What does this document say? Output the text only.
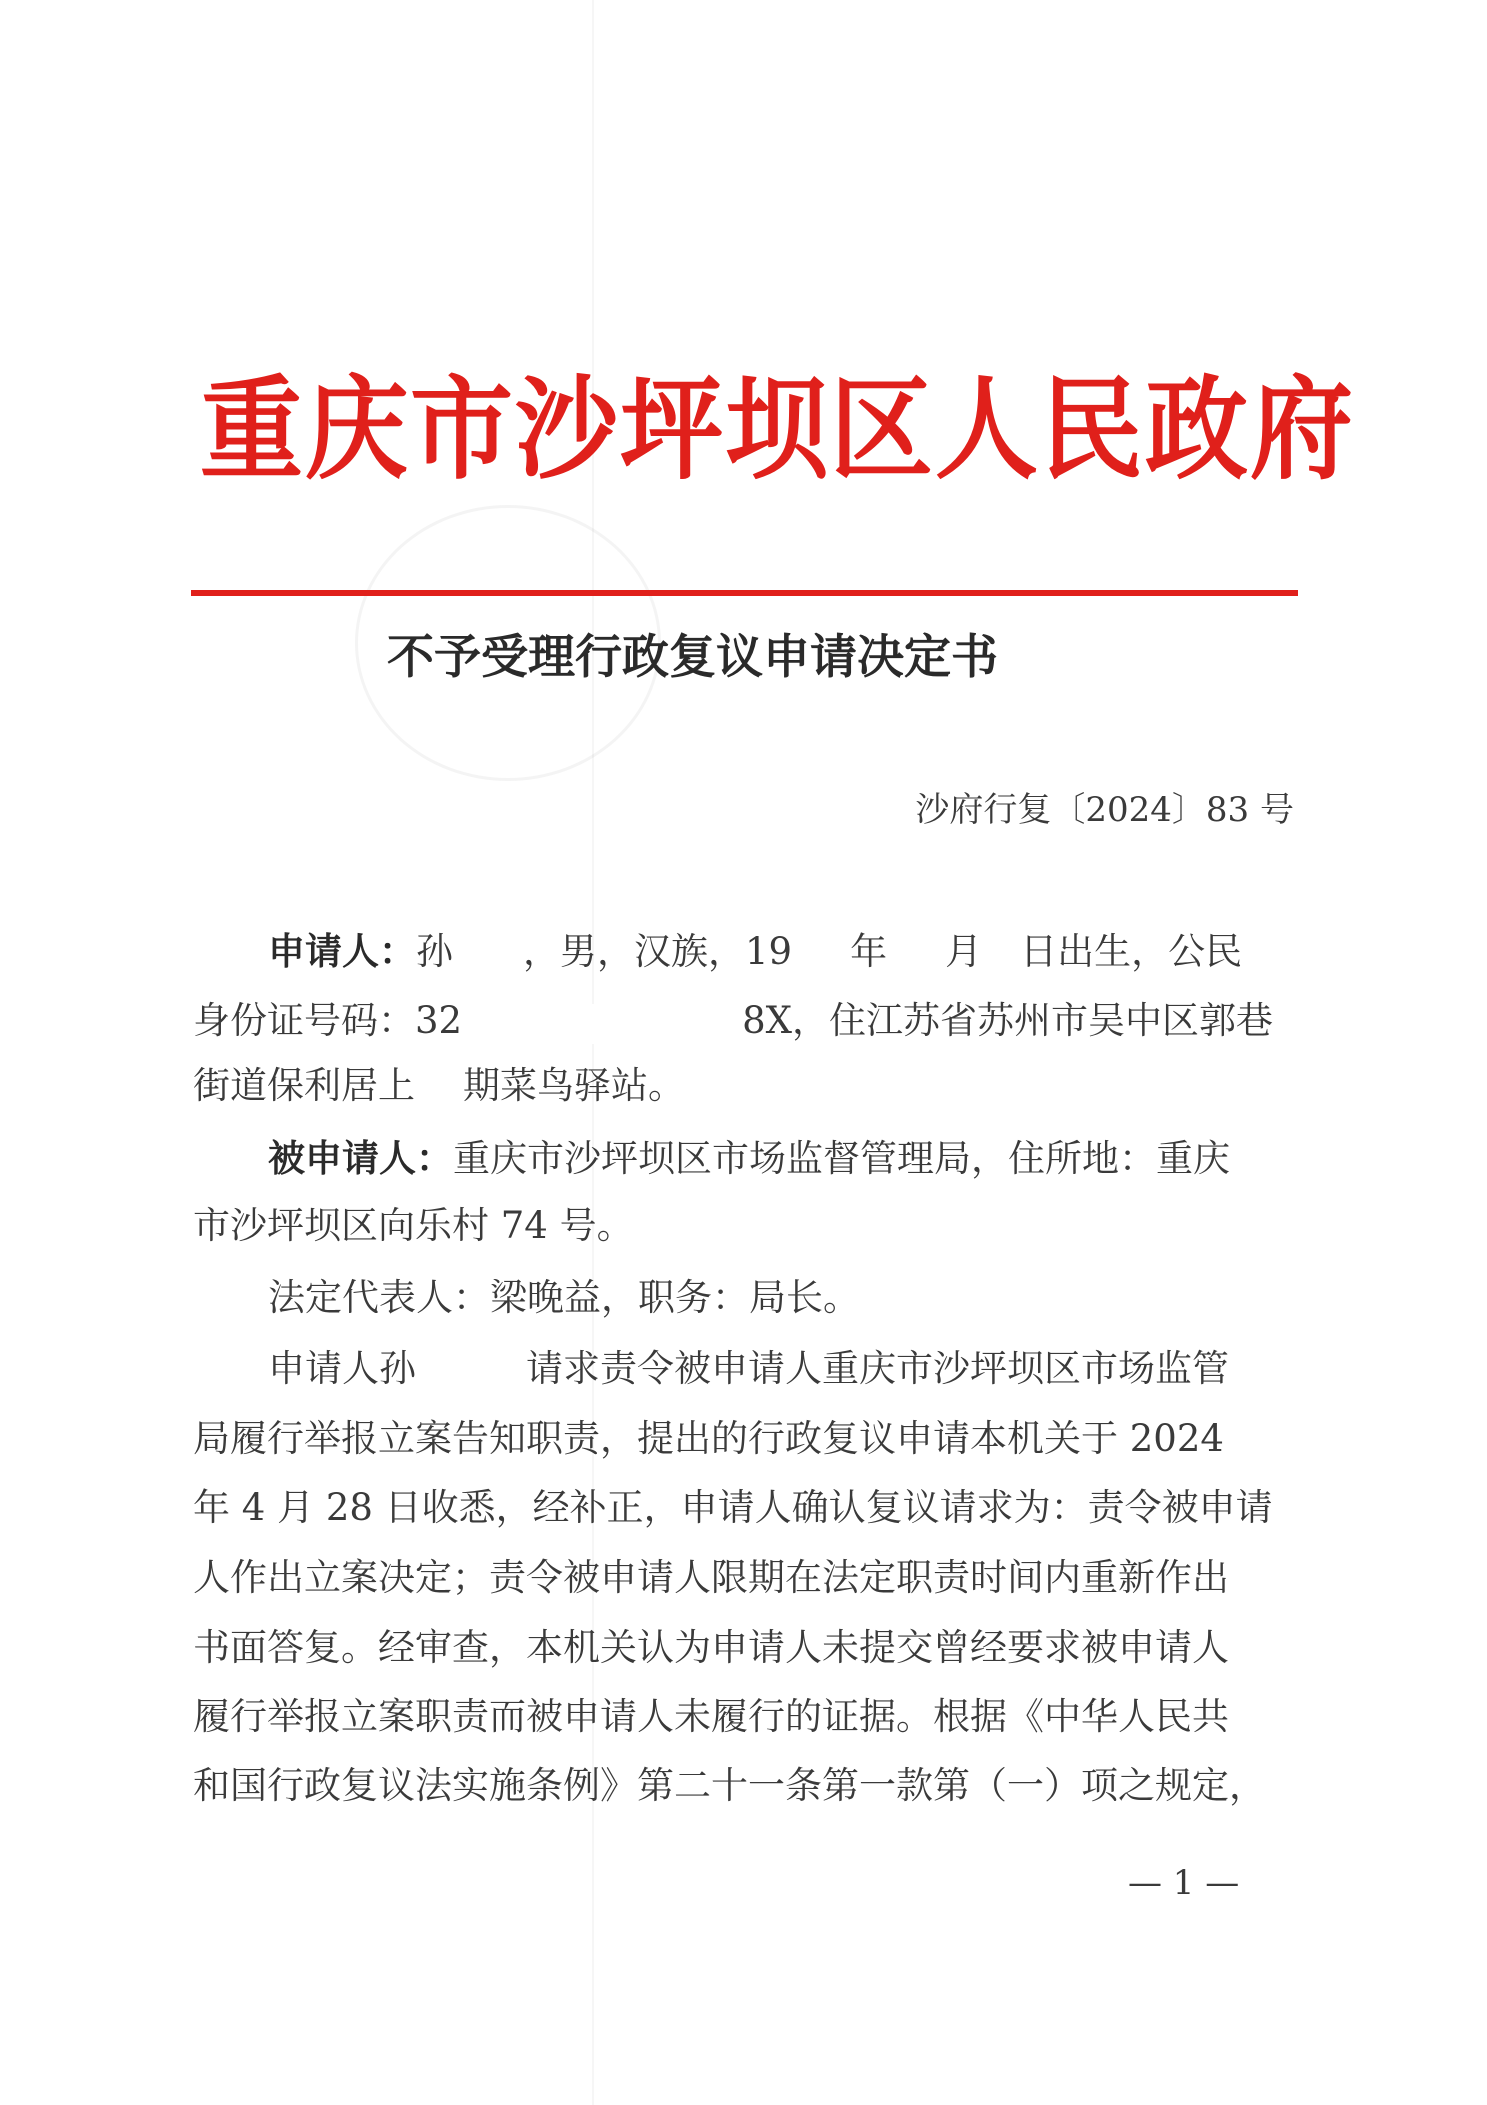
重庆市沙坪坝区人民政府
不予受理行政复议申请决定书
沙府行复〔2024〕83 号
申请人：孙 ，男，汉族，19 年 月 日出生，公民
身份证号码：32	8X，住江苏省苏州市吴中区郭巷
街道保利居上 期菜鸟驿站。
被申请人：重庆市沙坪坝区市场监督管理局，住所地：重庆
市沙坪坝区向乐村 74 号。
法定代表人：梁晚益，职务：局长。
申请人孙	请求责令被申请人重庆市沙坪坝区市场监管
局履行举报立案告知职责，提出的行政复议申请本机关于 2024
年 4 月 28 日收悉，经补正，申请人确认复议请求为：责令被申请
人作出立案决定；责令被申请人限期在法定职责时间内重新作出
书面答复。经审查，本机关认为申请人未提交曾经要求被申请人
履行举报立案职责而被申请人未履行的证据。根据《中华人民共
和国行政复议法实施条例》第二十一条第一款第（一）项之规定，
— 1 —
